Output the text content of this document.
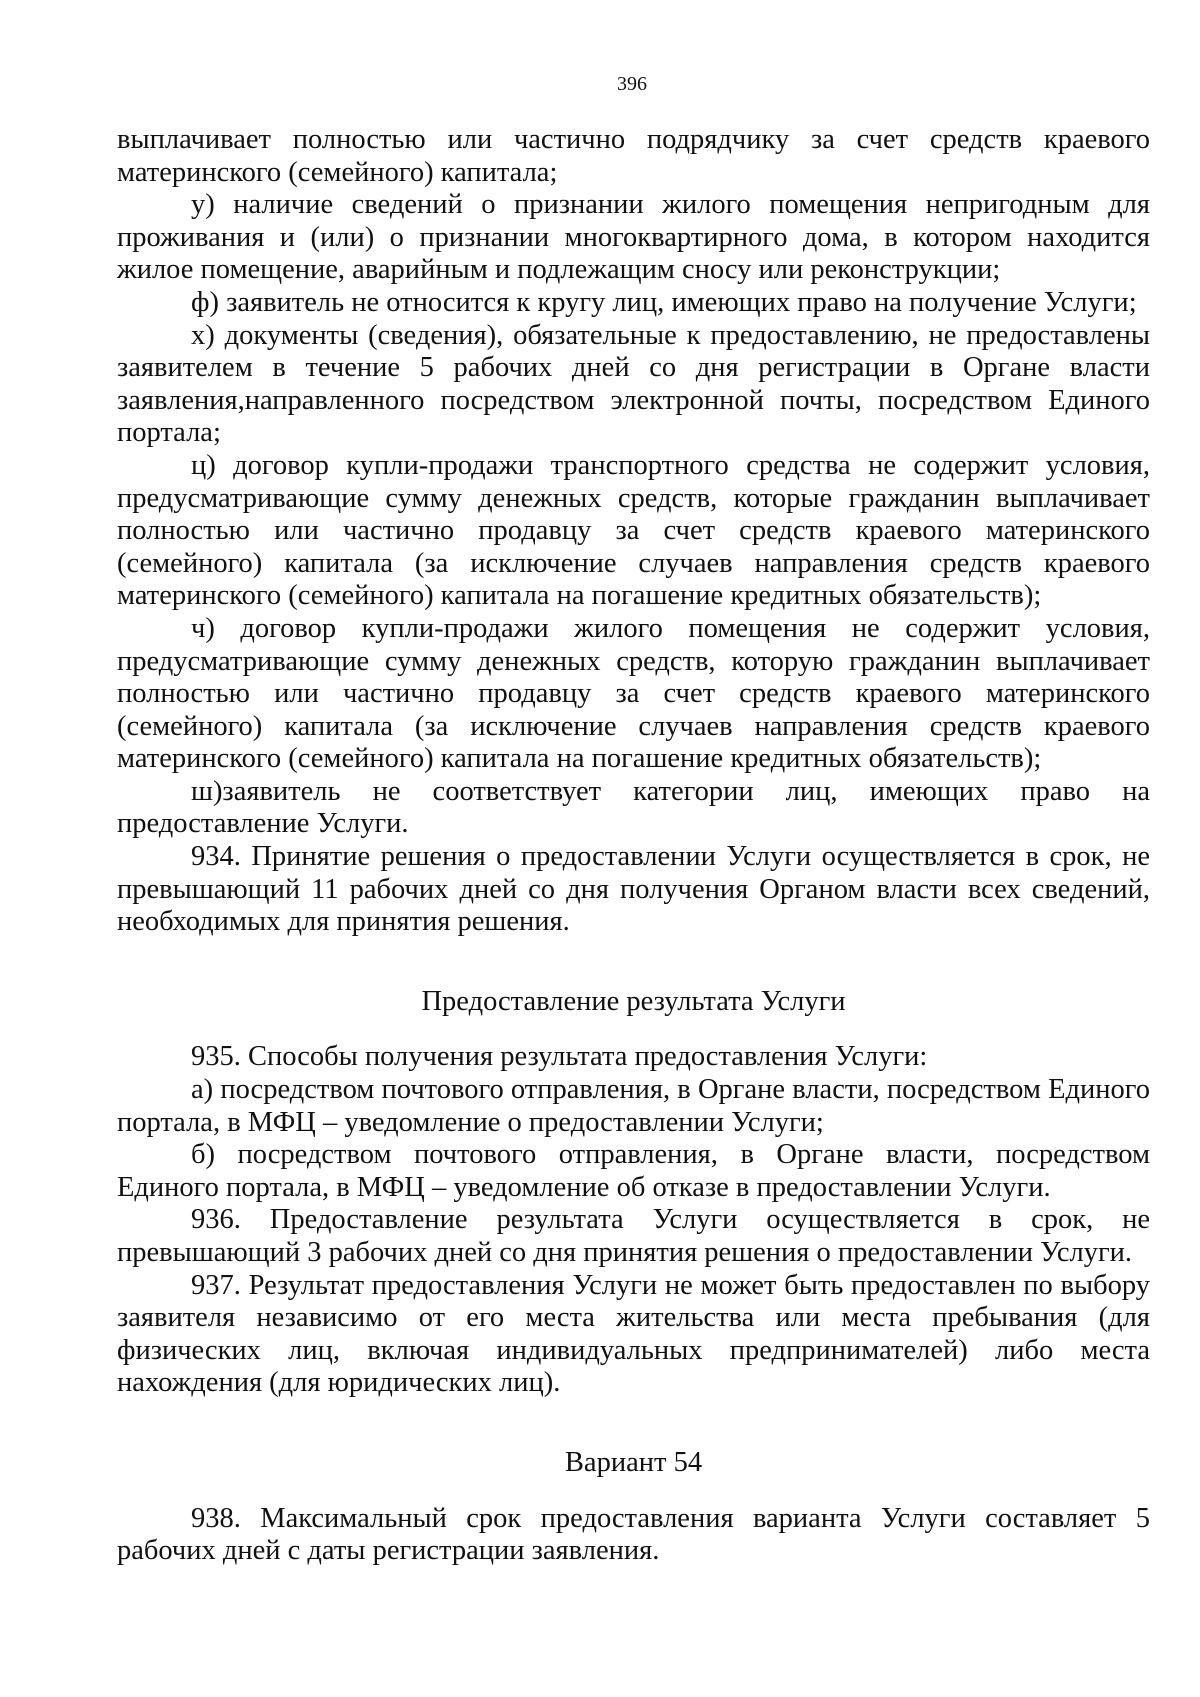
396

выплачивает полностью или частично подрядчику за счет средств краевого материнского (семейного) капитала;

у) наличие сведений о признании жилого помещения непригодным для проживания и (или) о признании многоквартирного дома, в котором находится жилое помещение, аварийным и подлежащим сносу или реконструкции;

ф) заявитель не относится к кругу лиц, имеющих право на получение Услуги;

х) документы (сведения), обязательные к предоставлению, не предоставлены заявителем в течение 5 рабочих дней со дня регистрации в Органе власти заявления,направленного посредством электронной почты, посредством Единого портала;

ц) договор купли-продажи транспортного средства не содержит условия, предусматривающие сумму денежных средств, которые гражданин выплачивает полностью или частично продавцу за счет средств краевого материнского (семейного) капитала (за исключение случаев направления средств краевого материнского (семейного) капитала на погашение кредитных обязательств);

ч) договор купли-продажи жилого помещения не содержит условия, предусматривающие сумму денежных средств, которую гражданин выплачивает полностью или частично продавцу за счет средств краевого материнского (семейного) капитала (за исключение случаев направления средств краевого материнского (семейного) капитала на погашение кредитных обязательств);

ш)заявитель не соответствует категории лиц, имеющих право на предоставление Услуги.

934. Принятие решения о предоставлении Услуги осуществляется в срок, не превышающий 11 рабочих дней со дня получения Органом власти всех сведений, необходимых для принятия решения.

Предоставление результата Услуги

935. Способы получения результата предоставления Услуги:

а) посредством почтового отправления, в Органе власти, посредством Единого портала, в МФЦ – уведомление о предоставлении Услуги;

б) посредством почтового отправления, в Органе власти, посредством Единого портала, в МФЦ – уведомление об отказе в предоставлении Услуги.

936. Предоставление результата Услуги осуществляется в срок, не превышающий 3 рабочих дней со дня принятия решения о предоставлении Услуги.

937. Результат предоставления Услуги не может быть предоставлен по выбору заявителя независимо от его места жительства или места пребывания (для физических лиц, включая индивидуальных предпринимателей) либо места нахождения (для юридических лиц).

Вариант 54

938. Максимальный срок предоставления варианта Услуги составляет 5 рабочих дней с даты регистрации заявления.
